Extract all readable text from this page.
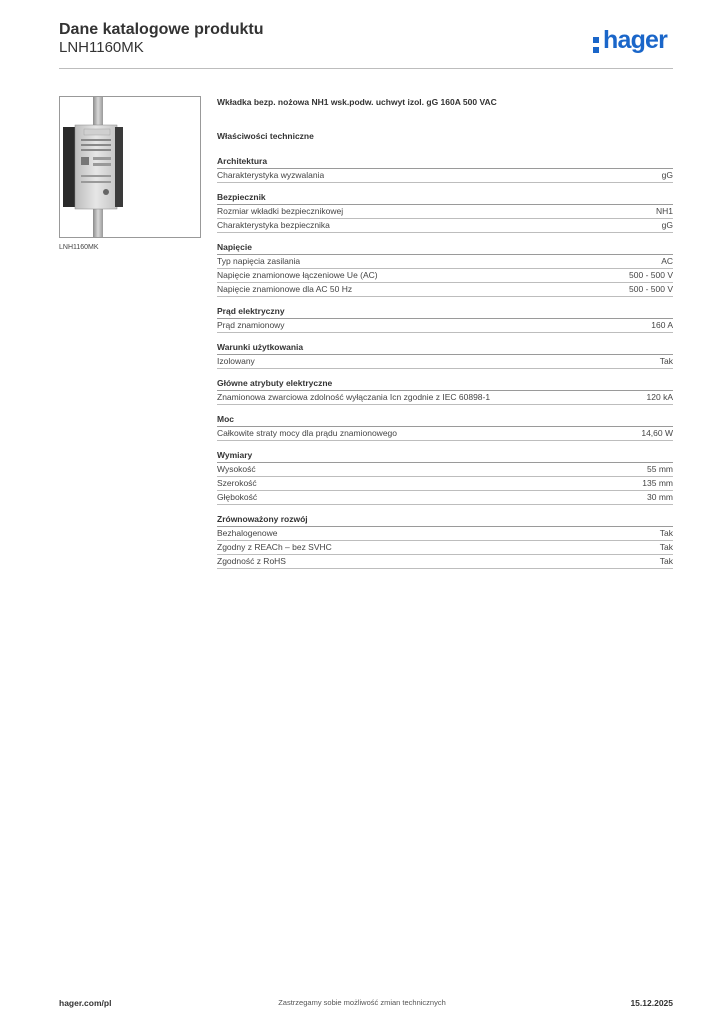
Dane katalogowe produktu
LNH1160MK	hager
LNH1160MK
Wkładka bezp. nożowa NH1 wsk.podw. uchwyt izol. gG 160A 500 VAC
Właściwości techniczne
Architektura
Charakterystyka wyzwalania	gG
Bezpiecznik
Rozmiar wkładki bezpiecznikowej	NH1
Charakterystyka bezpiecznika	gG
Napięcie
Typ napięcia zasilania	AC
Napięcie znamionowe łączeniowe Ue (AC)	500 - 500 V
Napięcie znamionowe dla AC 50 Hz	500 - 500 V
Prąd elektryczny
Prąd znamionowy	160 A
Warunki użytkowania
Izolowany	Tak
Główne atrybuty elektryczne
Znamionowa zwarciowa zdolność wyłączania Icn zgodnie z IEC 60898-1	120 kA
Moc
Całkowite straty mocy dla prądu znamionowego	14,60 W
Wymiary
Wysokość	55 mm
Szerokość	135 mm
Głębokość	30 mm
Zrównoważony rozwój
Bezhalogenowe	Tak
Zgodny z REACh – bez SVHC	Tak
Zgodność z RoHS	Tak
hager.com/pl	Zastrzegamy sobie możliwość zmian technicznych	15.12.2025
